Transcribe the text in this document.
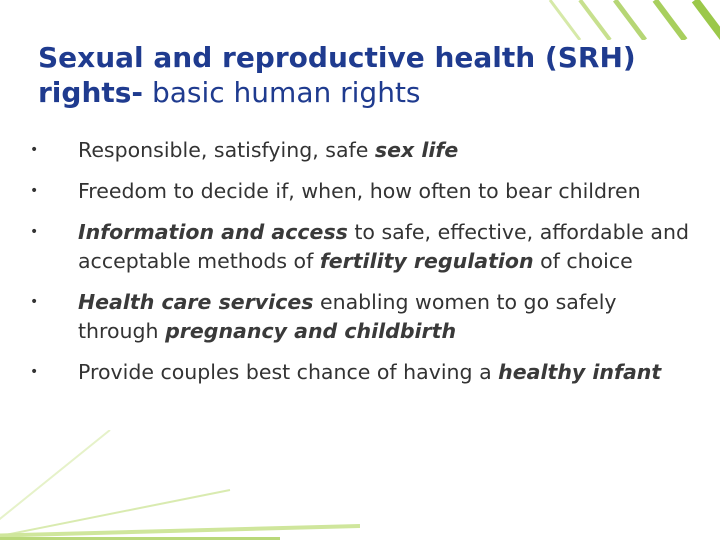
Sexual and reproductive health (SRH) rights- basic human rights
•	Responsible, satisfying, safe sex life
•	Freedom to decide if, when, how often to bear children
•	Information and access to safe, effective, affordable and acceptable methods of fertility regulation of choice
•	Health care services enabling women to go safely through pregnancy and childbirth
•	Provide couples best chance of having a healthy infant
